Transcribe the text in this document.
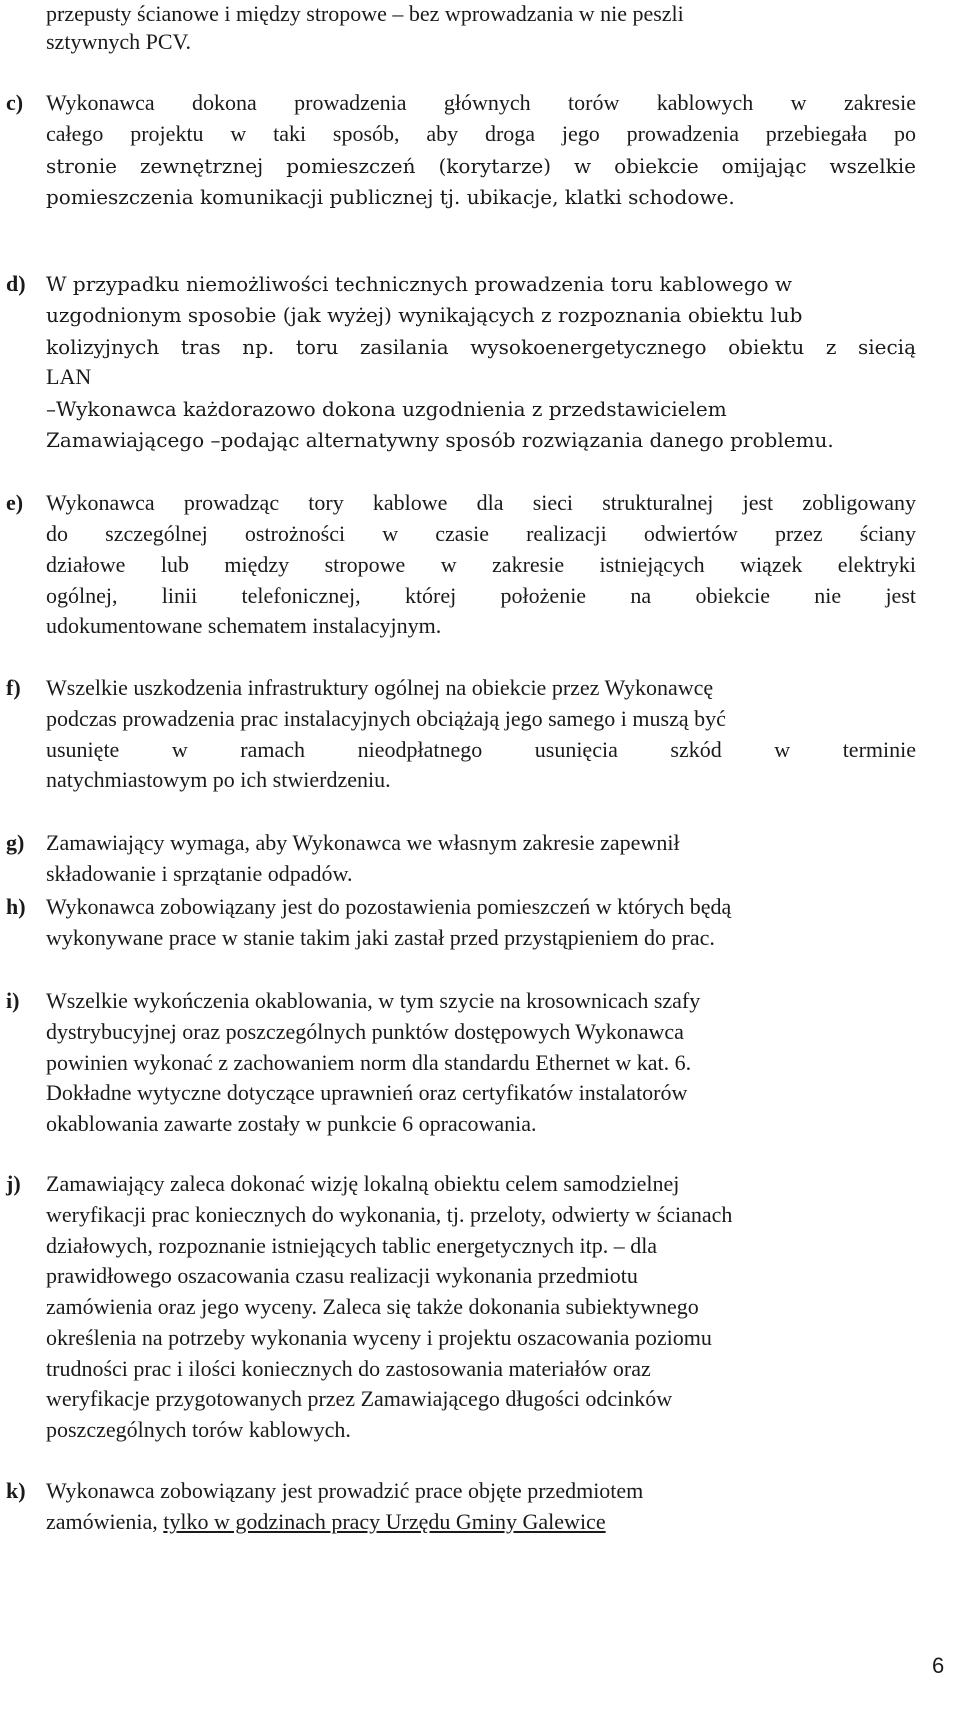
przepusty ścianowe i między stropowe – bez wprowadzania w nie peszli
sztywnych PCV.
c) Wykonawca dokona prowadzenia głównych torów kablowych w zakresie
całego projektu w taki sposób, aby droga jego prowadzenia przebiegała po
stronie zewnętrznej pomieszczeń (korytarze) w obiekcie omijając wszelkie
pomieszczenia komunikacji publicznej tj. ubikacje, klatki schodowe.
d) W przypadku niemożliwości technicznych prowadzenia toru kablowego w
uzgodnionym sposobie (jak wyżej) wynikających z rozpoznania obiektu lub
kolizyjnych tras np. toru zasilania wysokoenergetycznego obiektu z siecią
LAN
–Wykonawca każdorazowo dokona uzgodnienia z przedstawicielem
Zamawiającego –podając alternatywny sposób rozwiązania danego problemu.
e) Wykonawca prowadząc tory kablowe dla sieci strukturalnej jest zobligowany
do szczególnej ostrożności w czasie realizacji odwiertów przez ściany
działowe lub między stropowe w zakresie istniejących wiązek elektryki
ogólnej, linii telefonicznej, której położenie na obiekcie nie jest
udokumentowane schematem instalacyjnym.
f) Wszelkie uszkodzenia infrastruktury ogólnej na obiekcie przez Wykonawcę
podczas prowadzenia prac instalacyjnych obciążają jego samego i muszą być
usunięte w ramach nieodpłatnego usunięcia szkód w terminie
natychmiastowym po ich stwierdzeniu.
g) Zamawiający wymaga, aby Wykonawca we własnym zakresie zapewnił
składowanie i sprzątanie odpadów.
h) Wykonawca zobowiązany jest do pozostawienia pomieszczeń w których będą
wykonywane prace w stanie takim jaki zastał przed przystąpieniem do prac.
i) Wszelkie wykończenia okablowania, w tym szycie na krosownicach szafy
dystrybucyjnej oraz poszczególnych punktów dostępowych Wykonawca
powinien wykonać z zachowaniem norm dla standardu Ethernet w kat. 6.
Dokładne wytyczne dotyczące uprawnień oraz certyfikatów instalatorów
okablowania zawarte zostały w punkcie 6 opracowania.
j) Zamawiający zaleca dokonać wizję lokalną obiektu celem samodzielnej
weryfikacji prac koniecznych do wykonania, tj. przeloty, odwierty w ścianach
działowych, rozpoznanie istniejących tablic energetycznych itp. – dla
prawidłowego oszacowania czasu realizacji wykonania przedmiotu
zamówienia oraz jego wyceny. Zaleca się także dokonania subiektywnego
określenia na potrzeby wykonania wyceny i projektu oszacowania poziomu
trudności prac i ilości koniecznych do zastosowania materiałów oraz
weryfikacje przygotowanych przez Zamawiającego długości odcinków
poszczególnych torów kablowych.
k) Wykonawca zobowiązany jest prowadzić prace objęte przedmiotem
zamówienia, tylko w godzinach pracy Urzędu Gminy Galewice
6
